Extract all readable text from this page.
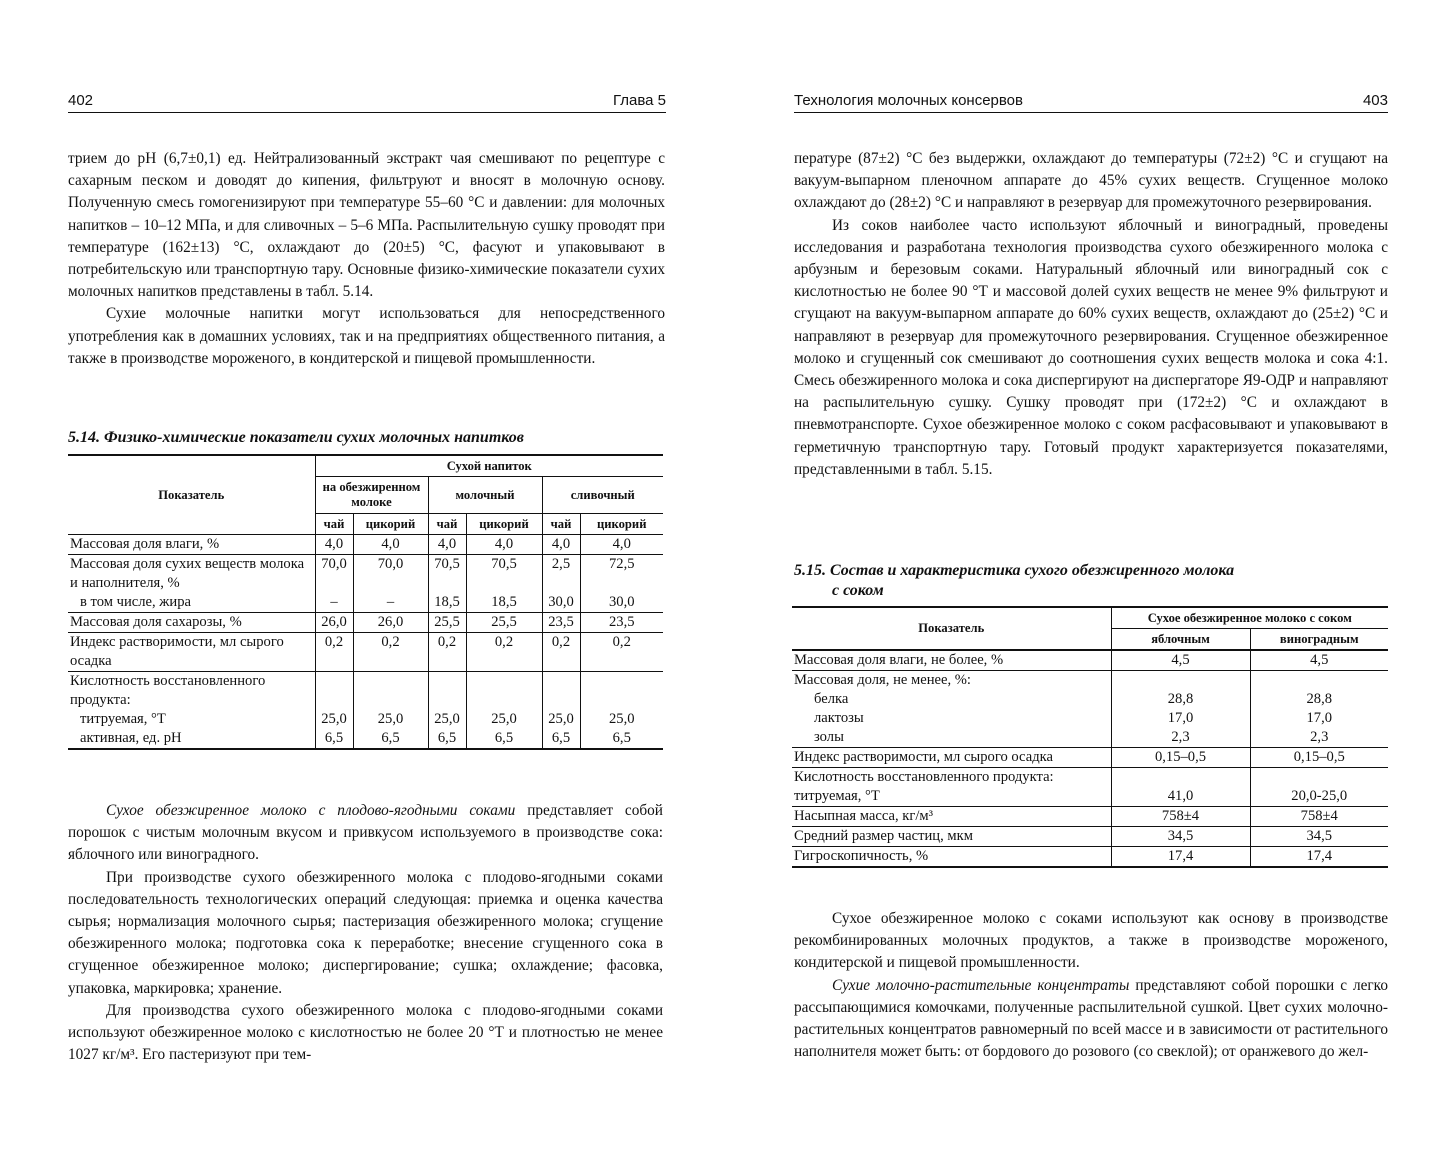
402	Глава 5

трием до pH (6,7±0,1) ед. Нейтрализованный экстракт чая смешивают по рецептуре с сахарным песком и доводят до кипения, фильтруют и вносят в молочную основу. Полученную смесь гомогенизируют при температуре 55–60 °С и давлении: для молочных напитков – 10–12 МПа, и для сливочных – 5–6 МПа. Распылительную сушку проводят при температуре (162±13) °С, охлаждают до (20±5) °С, фасуют и упаковывают в потребительскую или транспортную тару. Основные физико-химические показатели сухих молочных напитков представлены в табл. 5.14.

Сухие молочные напитки могут использоваться для непосредственного употребления как в домашних условиях, так и на предприятиях общественного питания, а также в производстве мороженого, в кондитерской и пищевой промышленности.

5.14. Физико-химические показатели сухих молочных напитков
Показатель	Сухой напиток					
	на обезжиренном молоке		молочный		сливочный	
	чай	цикорий	чай	цикорий	чай	цикорий
Массовая доля влаги, %	4,0	4,0	4,0	4,0	4,0	4,0
Массовая доля сухих веществ молока и наполнителя, %	70,0	70,0	70,5	70,5	2,5	72,5
в том числе, жира	–	–	18,5	18,5	30,0	30,0
Массовая доля сахарозы, %	26,0	26,0	25,5	25,5	23,5	23,5
Индекс растворимости, мл сырого осадка	0,2	0,2	0,2	0,2	0,2	0,2
Кислотность восстановленного продукта:						
титруемая, °Т	25,0	25,0	25,0	25,0	25,0	25,0
активная, ед. pH	6,5	6,5	6,5	6,5	6,5	6,5

Сухое обезжиренное молоко с плодово-ягодными соками представляет собой порошок с чистым молочным вкусом и привкусом используемого в производстве сока: яблочного или виноградного.

При производстве сухого обезжиренного молока с плодово-ягодными соками последовательность технологических операций следующая: приемка и оценка качества сырья; нормализация молочного сырья; пастеризация обезжиренного молока; сгущение обезжиренного молока; подготовка сока к переработке; внесение сгущенного сока в сгущенное обезжиренное молоко; диспергирование; сушка; охлаждение; фасовка, упаковка, маркировка; хранение.

Для производства сухого обезжиренного молока с плодово-ягодными соками используют обезжиренное молоко с кислотностью не более 20 °Т и плотностью не менее 1027 кг/м³. Его пастеризуют при тем-

Технология молочных консервов	403

пературе (87±2) °С без выдержки, охлаждают до температуры (72±2) °С и сгущают на вакуум-выпарном пленочном аппарате до 45% сухих веществ. Сгущенное молоко охлаждают до (28±2) °С и направляют в резервуар для промежуточного резервирования.

Из соков наиболее часто используют яблочный и виноградный, проведены исследования и разработана технология производства сухого обезжиренного молока с арбузным и березовым соками. Натуральный яблочный или виноградный сок с кислотностью не более 90 °Т и массовой долей сухих веществ не менее 9% фильтруют и сгущают на вакуум-выпарном аппарате до 60% сухих веществ, охлаждают до (25±2) °С и направляют в резервуар для промежуточного резервирования. Сгущенное обезжиренное молоко и сгущенный сок смешивают до соотношения сухих веществ молока и сока 4:1. Смесь обезжиренного молока и сока диспергируют на диспергаторе Я9-ОДР и направляют на распылительную сушку. Сушку проводят при (172±2) °С и охлаждают в пневмотранспорте. Сухое обезжиренное молоко с соком расфасовывают и упаковывают в герметичную транспортную тару. Готовый продукт характеризуется показателями, представленными в табл. 5.15.

5.15. Состав и характеристика сухого обезжиренного молока
с соком
Показатель	Сухое обезжиренное молоко с соком	
	яблочным	виноградным
Массовая доля влаги, не более, %	4,5	4,5
Массовая доля, не менее, %:		
белка	28,8	28,8
лактозы	17,0	17,0
золы	2,3	2,3
Индекс растворимости, мл сырого осадка	0,15–0,5	0,15–0,5
Кислотность восстановленного продукта:		
титруемая, °Т	41,0	20,0-25,0
Насыпная масса, кг/м³	758±4	758±4
Средний размер частиц, мкм	34,5	34,5
Гигроскопичность, %	17,4	17,4

Сухое обезжиренное молоко с соками используют как основу в производстве рекомбинированных молочных продуктов, а также в производстве мороженого, кондитерской и пищевой промышленности.

Сухие молочно-растительные концентраты представляют собой порошки с легко рассыпающимися комочками, полученные распылительной сушкой. Цвет сухих молочно-растительных концентратов равномерный по всей массе и в зависимости от растительного наполнителя может быть: от бордового до розового (со свеклой); от оранжевого до жел-
